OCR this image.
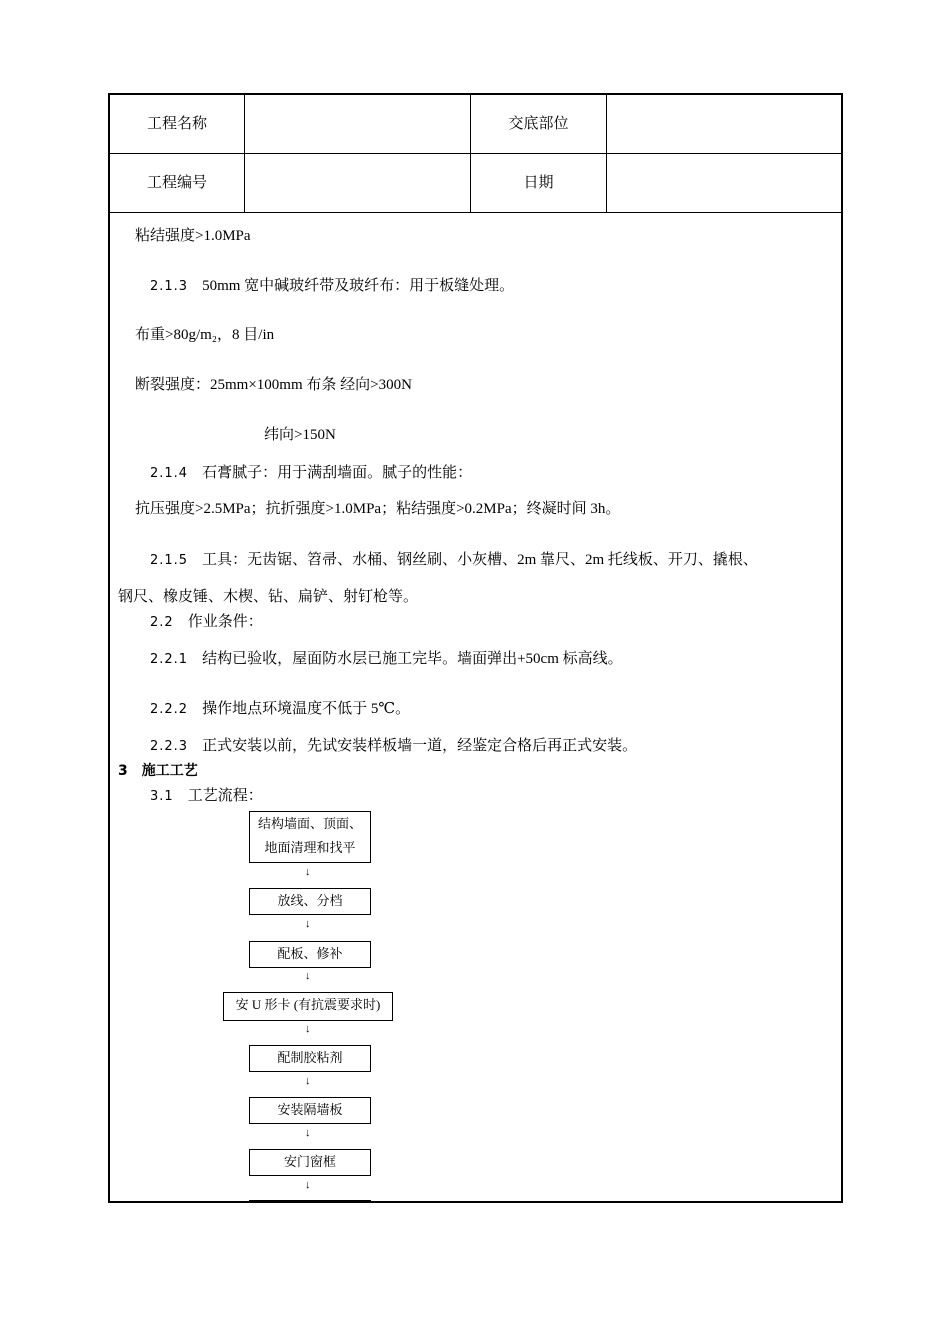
工程名称	交底部位
工程编号	日期
粘结强度>1.0MPa
2.1.3 50mm 宽中碱玻纤带及玻纤布：用于板缝处理。
布重>80g/m₂，8 目/in
断裂强度：25mm×100mm 布条 经向>300N
纬向>150N
2.1.4 石膏腻子：用于满刮墙面。腻子的性能：
抗压强度>2.5MPa；抗折强度>1.0MPa；粘结强度>0.2MPa；终凝时间 3h。
2.1.5 工具：无齿锯、笤帚、水桶、钢丝刷、小灰槽、2m 靠尺、2m 托线板、开刀、撬根、
钢尺、橡皮锤、木楔、钻、扁铲、射钉枪等。
2.2 作业条件：
2.2.1 结构已验收，屋面防水层已施工完毕。墙面弹出+50cm 标高线。
2.2.2 操作地点环境温度不低于 5℃。
2.2.3 正式安装以前，先试安装样板墙一道，经鉴定合格后再正式安装。
3 施工工艺
3.1 工艺流程：
结构墙面、顶面、
地面清理和找平
↓
放线、分档
↓
配板、修补
↓
安 U 形卡 (有抗震要求时)
↓
配制胶粘剂
↓
安装隔墙板
↓
安门窗框
↓
